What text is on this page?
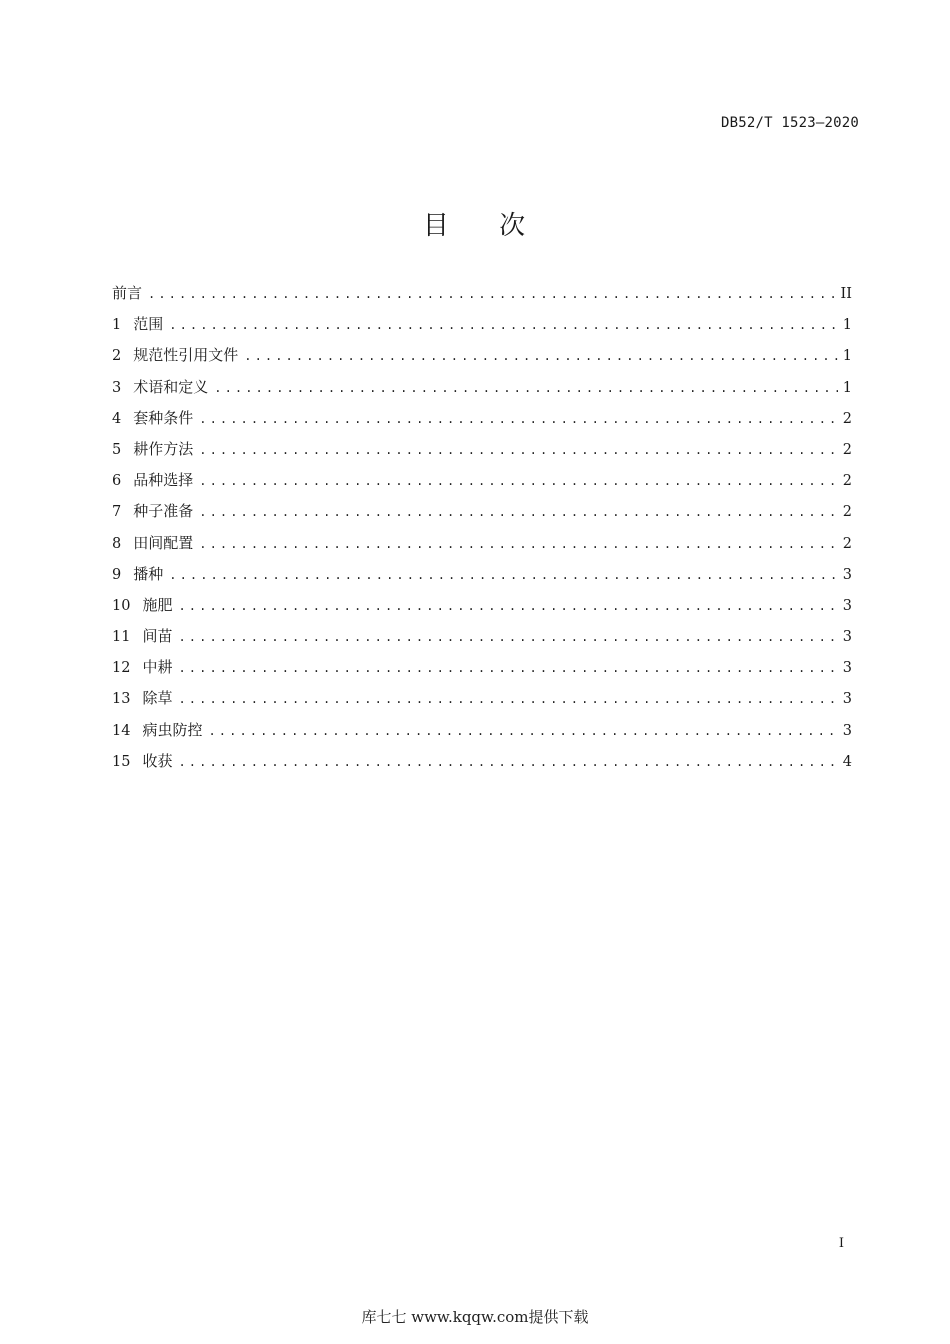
DB52/T 1523—2020
目 次
前言 .....	II
1 范围 .....	1
2 规范性引用文件 .....	1
3 术语和定义 .....	1
4 套种条件 .....	2
5 耕作方法 .....	2
6 品种选择 .....	2
7 种子准备 .....	2
8 田间配置 .....	2
9 播种 .....	3
10 施肥 .....	3
11 间苗 .....	3
12 中耕 .....	3
13 除草 .....	3
14 病虫防控 .....	3
15 收获 .....	4
I
库七七 www.kqqw.com提供下载
